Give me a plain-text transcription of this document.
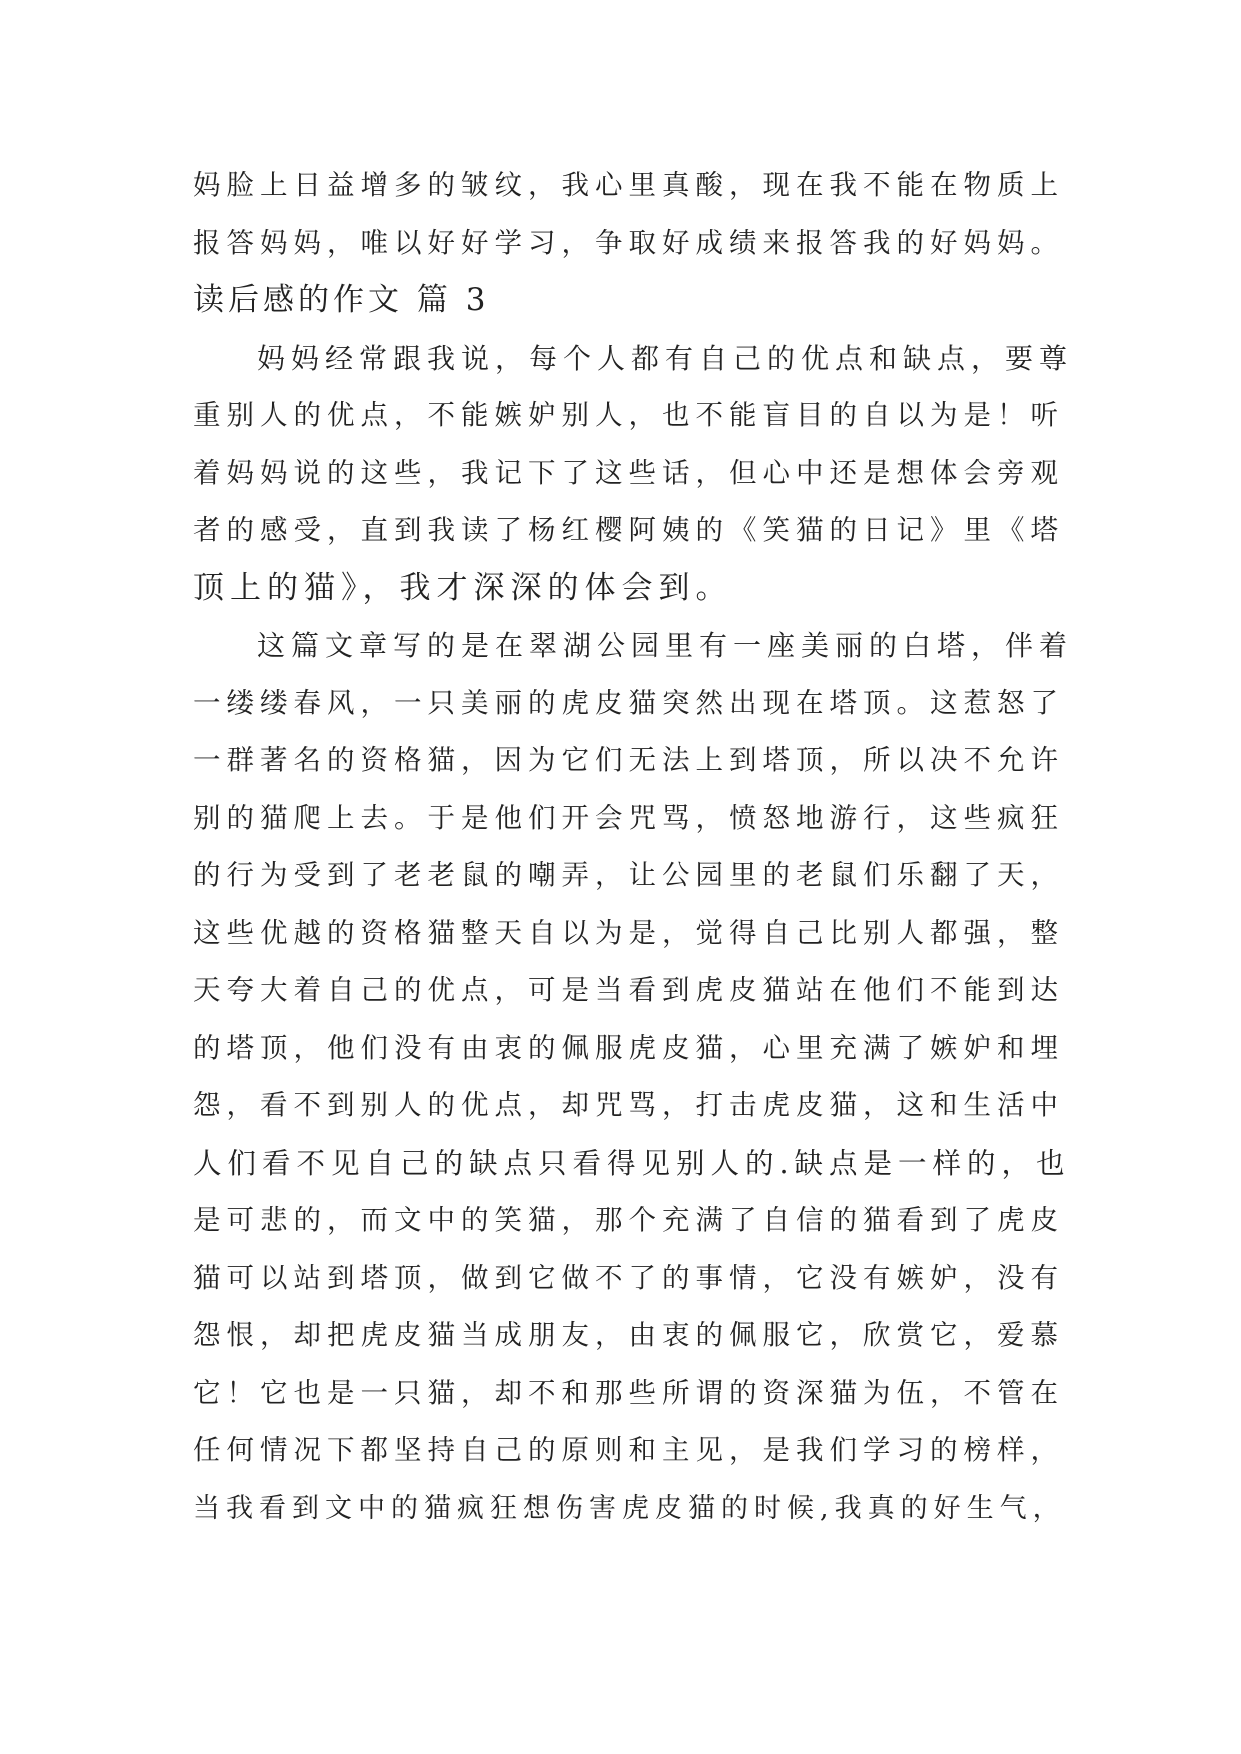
妈脸上日益增多的皱纹，我心里真酸，现在我不能在物质上
报答妈妈，唯以好好学习，争取好成绩来报答我的好妈妈。
读后感的作文 篇 3
妈妈经常跟我说，每个人都有自己的优点和缺点，要尊
重别人的优点，不能嫉妒别人，也不能盲目的自以为是！听
着妈妈说的这些，我记下了这些话，但心中还是想体会旁观
者的感受，直到我读了杨红樱阿姨的《笑猫的日记》里《塔
顶上的猫》，我才深深的体会到。
这篇文章写的是在翠湖公园里有一座美丽的白塔，伴着
一缕缕春风，一只美丽的虎皮猫突然出现在塔顶。这惹怒了
一群著名的资格猫，因为它们无法上到塔顶，所以决不允许
别的猫爬上去。于是他们开会咒骂，愤怒地游行，这些疯狂
的行为受到了老老鼠的嘲弄，让公园里的老鼠们乐翻了天，
这些优越的资格猫整天自以为是，觉得自己比别人都强，整
天夸大着自己的优点，可是当看到虎皮猫站在他们不能到达
的塔顶，他们没有由衷的佩服虎皮猫，心里充满了嫉妒和埋
怨，看不到别人的优点，却咒骂，打击虎皮猫，这和生活中
人们看不见自己的缺点只看得见别人的.缺点是一样的，也
是可悲的，而文中的笑猫，那个充满了自信的猫看到了虎皮
猫可以站到塔顶，做到它做不了的事情，它没有嫉妒，没有
怨恨，却把虎皮猫当成朋友，由衷的佩服它，欣赏它，爱慕
它！它也是一只猫，却不和那些所谓的资深猫为伍，不管在
任何情况下都坚持自己的原则和主见，是我们学习的榜样，
当我看到文中的猫疯狂想伤害虎皮猫的时候,我真的好生气，
